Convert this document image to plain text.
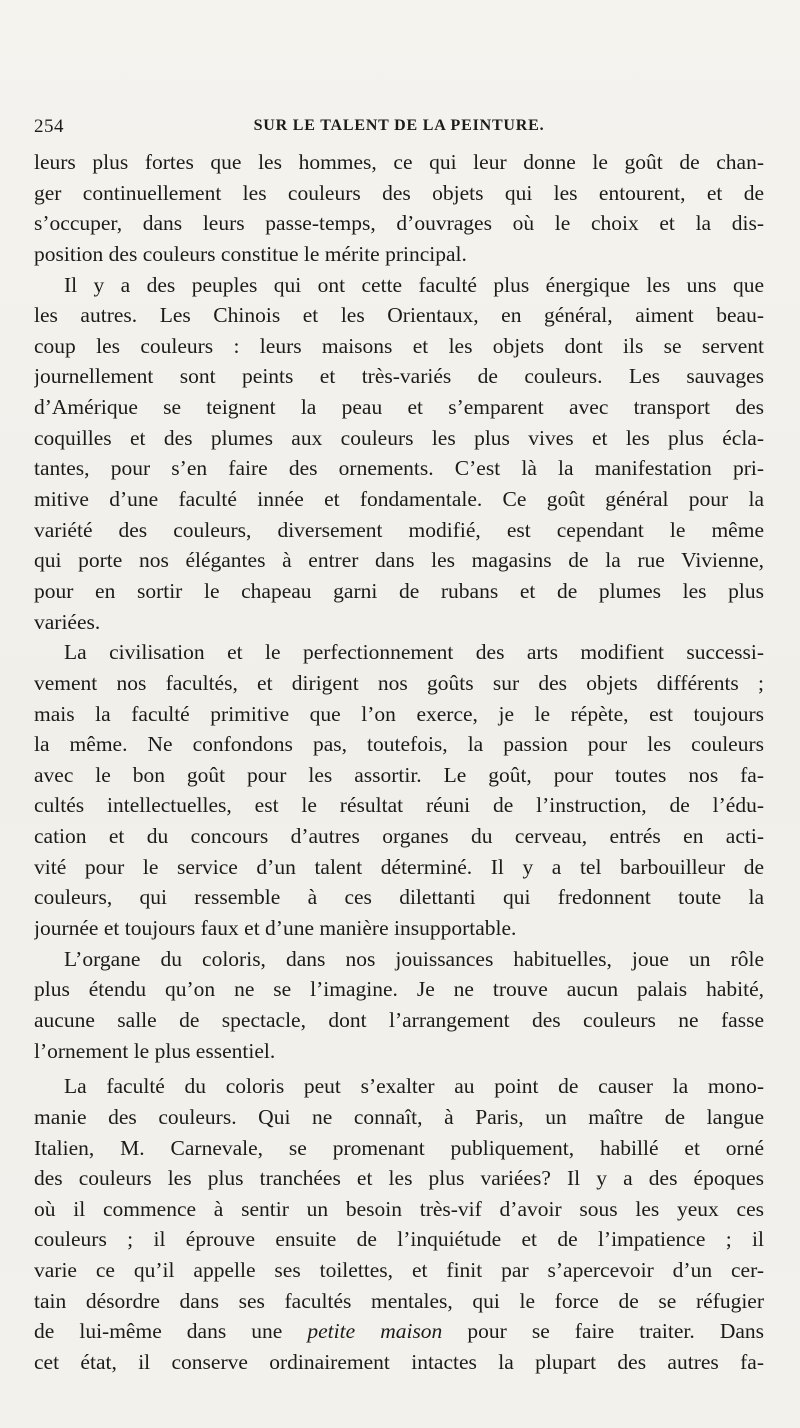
254	SUR LE TALENT DE LA PEINTURE.
leurs plus fortes que les hommes, ce qui leur donne le goût de chan-
ger continuellement les couleurs des objets qui les entourent, et de
s’occuper, dans leurs passe-temps, d’ouvrages où le choix et la dis-
position des couleurs constitue le mérite principal.
Il y a des peuples qui ont cette faculté plus énergique les uns que
les autres. Les Chinois et les Orientaux, en général, aiment beau-
coup les couleurs : leurs maisons et les objets dont ils se servent
journellement sont peints et très-variés de couleurs. Les sauvages
d’Amérique se teignent la peau et s’emparent avec transport des
coquilles et des plumes aux couleurs les plus vives et les plus écla-
tantes, pour s’en faire des ornements. C’est là la manifestation pri-
mitive d’une faculté innée et fondamentale. Ce goût général pour la
variété des couleurs, diversement modifié, est cependant le même
qui porte nos élégantes à entrer dans les magasins de la rue Vivienne,
pour en sortir le chapeau garni de rubans et de plumes les plus
variées.
La civilisation et le perfectionnement des arts modifient successi-
vement nos facultés, et dirigent nos goûts sur des objets différents ;
mais la faculté primitive que l’on exerce, je le répète, est toujours
la même. Ne confondons pas, toutefois, la passion pour les couleurs
avec le bon goût pour les assortir. Le goût, pour toutes nos fa-
cultés intellectuelles, est le résultat réuni de l’instruction, de l’édu-
cation et du concours d’autres organes du cerveau, entrés en acti-
vité pour le service d’un talent déterminé. Il y a tel barbouilleur de
couleurs, qui ressemble à ces dilettanti qui fredonnent toute la
journée et toujours faux et d’une manière insupportable.
L’organe du coloris, dans nos jouissances habituelles, joue un rôle
plus étendu qu’on ne se l’imagine. Je ne trouve aucun palais habité,
aucune salle de spectacle, dont l’arrangement des couleurs ne fasse
l’ornement le plus essentiel.
La faculté du coloris peut s’exalter au point de causer la mono-
manie des couleurs. Qui ne connaît, à Paris, un maître de langue
Italien, M. Carnevale, se promenant publiquement, habillé et orné
des couleurs les plus tranchées et les plus variées? Il y a des époques
où il commence à sentir un besoin très-vif d’avoir sous les yeux ces
couleurs ; il éprouve ensuite de l’inquiétude et de l’impatience ; il
varie ce qu’il appelle ses toilettes, et finit par s’apercevoir d’un cer-
tain désordre dans ses facultés mentales, qui le force de se réfugier
de lui-même dans une petite maison pour se faire traiter. Dans
cet état, il conserve ordinairement intactes la plupart des autres fa-
